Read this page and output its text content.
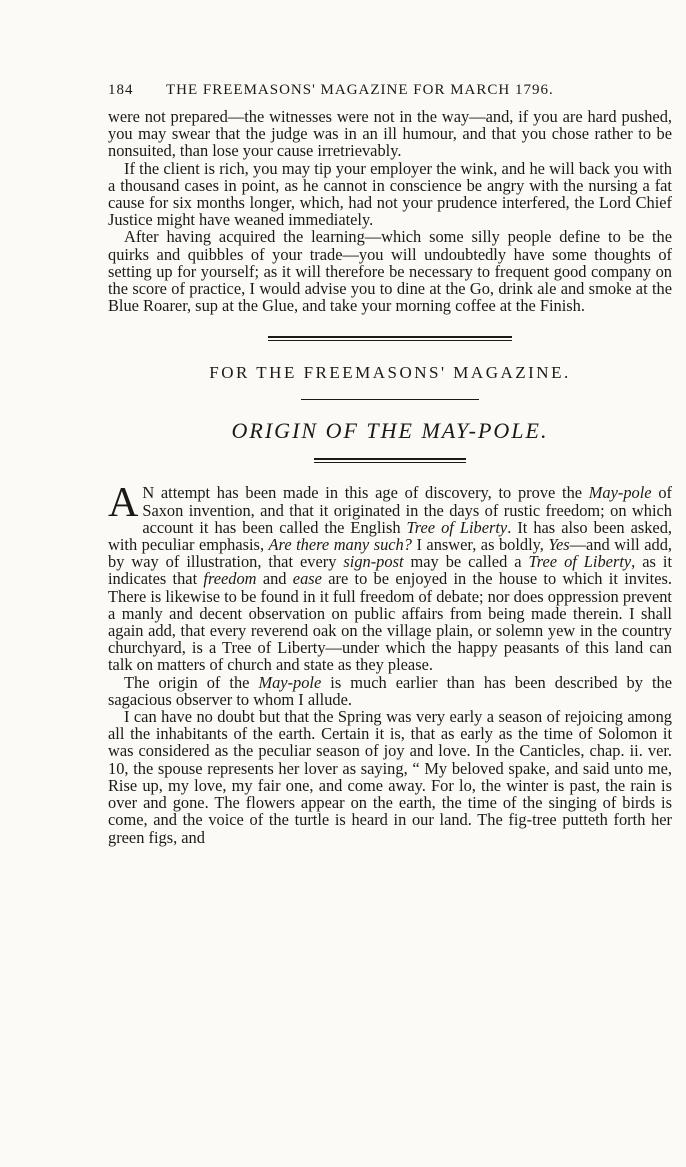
184 THE FREEMASONS' MAGAZINE FOR MARCH 1796.

were not prepared—the witnesses were not in the way—and, if you are hard pushed, you may swear that the judge was in an ill humour, and that you chose rather to be nonsuited, than lose your cause irretrievably.

If the client is rich, you may tip your employer the wink, and he will back you with a thousand cases in point, as he cannot in conscience be angry with the nursing a fat cause for six months longer, which, had not your prudence interfered, the Lord Chief Justice might have weaned immediately.

After having acquired the learning—which some silly people define to be the quirks and quibbles of your trade—you will undoubtedly have some thoughts of setting up for yourself; as it will therefore be necessary to frequent good company on the score of practice, I would advise you to dine at the Go, drink ale and smoke at the Blue Roarer, sup at the Glue, and take your morning coffee at the Finish.

FOR THE FREEMASONS' MAGAZINE.
ORIGIN OF THE MAY-POLE.

A N attempt has been made in this age of discovery, to prove the May-pole of Saxon invention, and that it originated in the days of rustic freedom; on which account it has been called the English Tree of Liberty. It has also been asked, with peculiar emphasis, Are there many such? I answer, as boldly, Yes—and will add, by way of illustration, that every sign-post may be called a Tree of Liberty, as it indicates that freedom and ease are to be enjoyed in the house to which it invites. There is likewise to be found in it full freedom of debate; nor does oppression prevent a manly and decent observation on public affairs from being made therein. I shall again add, that every reverend oak on the village plain, or solemn yew in the country churchyard, is a Tree of Liberty—under which the happy peasants of this land can talk on matters of church and state as they please.

The origin of the May-pole is much earlier than has been described by the sagacious observer to whom I allude.

I can have no doubt but that the Spring was very early a season of rejoicing among all the inhabitants of the earth. Certain it is, that as early as the time of Solomon it was considered as the peculiar season of joy and love. In the Canticles, chap. ii. ver. 10, the spouse represents her lover as saying, “ My beloved spake, and said unto me, Rise up, my love, my fair one, and come away. For lo, the winter is past, the rain is over and gone. The flowers appear on the earth, the time of the singing of birds is come, and the voice of the turtle is heard in our land. The fig-tree putteth forth her green figs, and
